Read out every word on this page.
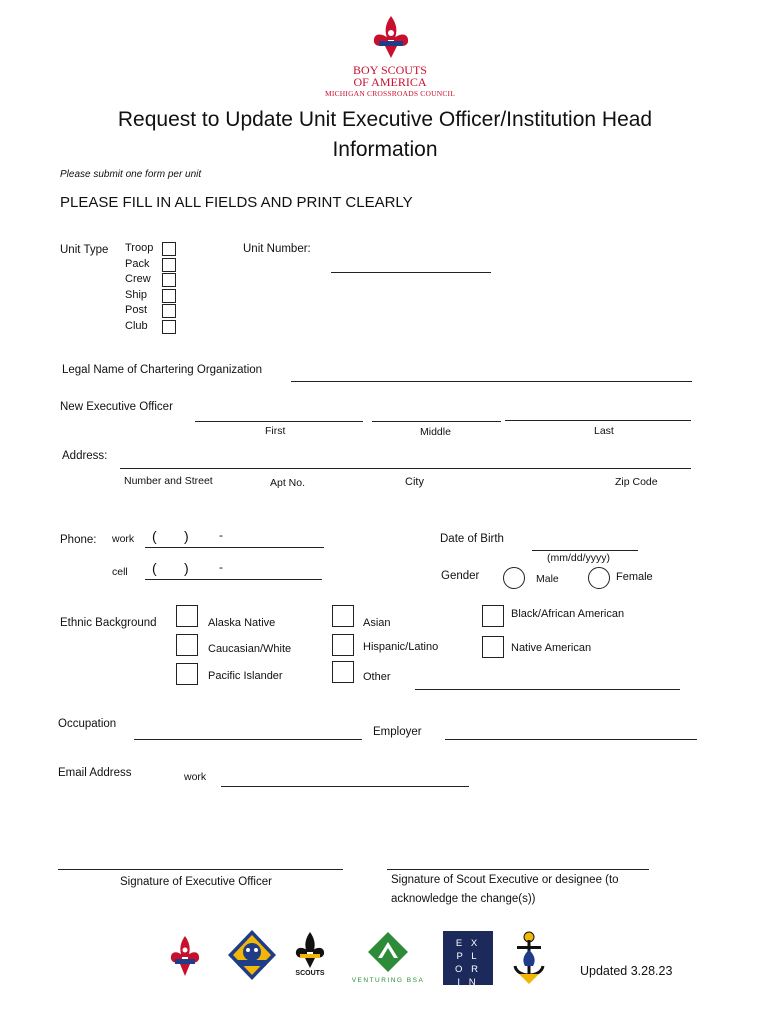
BOY SCOUTS
OF AMERICA
MICHIGAN CROSSROADS COUNCIL
Request to Update Unit Executive Officer/Institution Head
Information
Please submit one form per unit
PLEASE FILL IN ALL FIELDS AND PRINT CLEARLY
Unit Type Troop
Pack
Crew
Ship
Post
Club
Unit Number:
Legal Name of Chartering Organization
New Executive Officer
First	Middle	Last
Address:
Number and Street	Apt No.	City	Zip Code
Phone: work ( )	-
cell ( )	-
Date of Birth
(mm/dd/yyyy)
Gender	Male	Female
Ethnic Background	Alaska Native
Caucasian/White
Pacific Islander
Asian
Hispanic/Latino
Other
Black/African American
Native American
Occupation
Employer
Email Address	work
Signature of Executive Officer	Signature of Scout Executive or designee (to
acknowledge the change(s))
SCOUTS
VENTURING BSA
E X P L O R I N G
Updated 3.28.23
